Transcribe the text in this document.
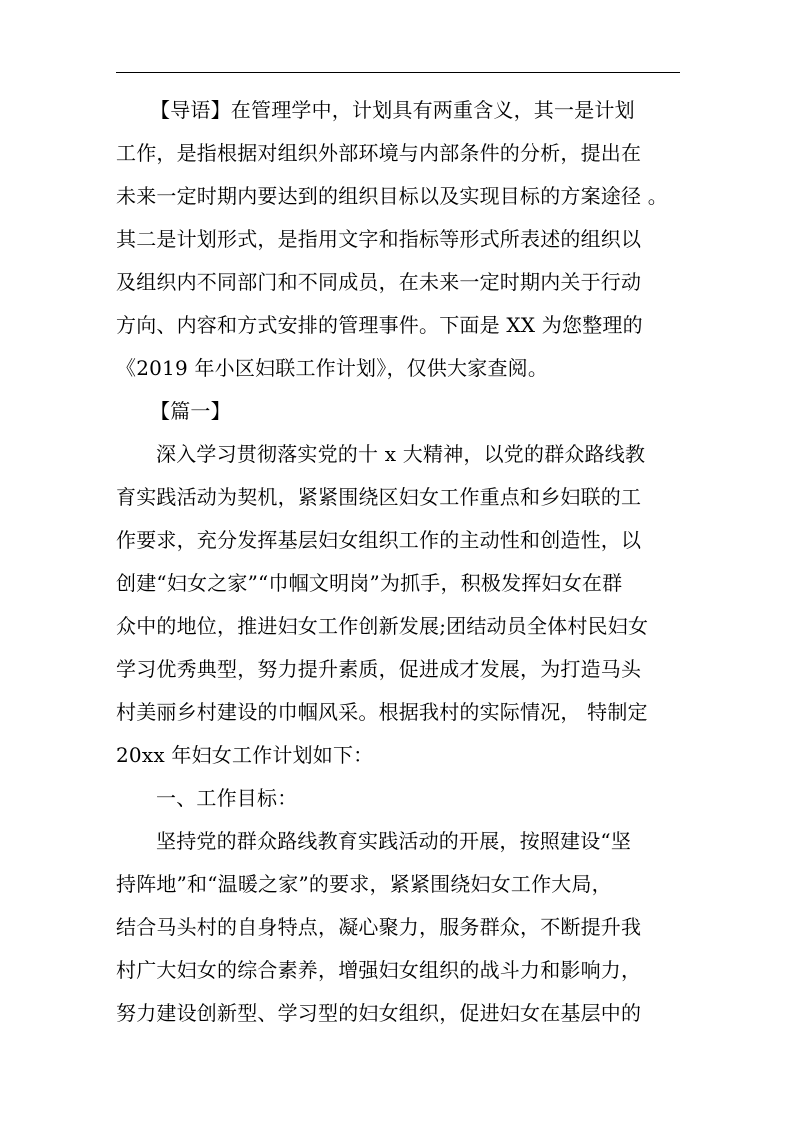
【导语】在管理学中，计划具有两重含义，其一是计划
工作，是指根据对组织外部环境与内部条件的分析，提出在
未来一定时期内要达到的组织目标以及实现目标的方案途径 。
其二是计划形式，是指用文字和指标等形式所表述的组织以
及组织内不同部门和不同成员，在未来一定时期内关于行动
方向、内容和方式安排的管理事件。下面是 XX 为您整理的
《2019 年小区妇联工作计划》，仅供大家查阅。
【篇一】
深入学习贯彻落实党的十 x 大精神，以党的群众路线教
育实践活动为契机，紧紧围绕区妇女工作重点和乡妇联的工
作要求，充分发挥基层妇女组织工作的主动性和创造性，以
创建“妇女之家”“巾帼文明岗”为抓手，积极发挥妇女在群
众中的地位，推进妇女工作创新发展;团结动员全体村民妇女
学习优秀典型，努力提升素质，促进成才发展，为打造马头
村美丽乡村建设的巾帼风采。根据我村的实际情况， 特制定
20xx 年妇女工作计划如下：
一、工作目标：
坚持党的群众路线教育实践活动的开展，按照建设“坚
持阵地”和“温暖之家”的要求，紧紧围绕妇女工作大局，
结合马头村的自身特点，凝心聚力，服务群众，不断提升我
村广大妇女的综合素养，增强妇女组织的战斗力和影响力，
努力建设创新型、学习型的妇女组织，促进妇女在基层中的
